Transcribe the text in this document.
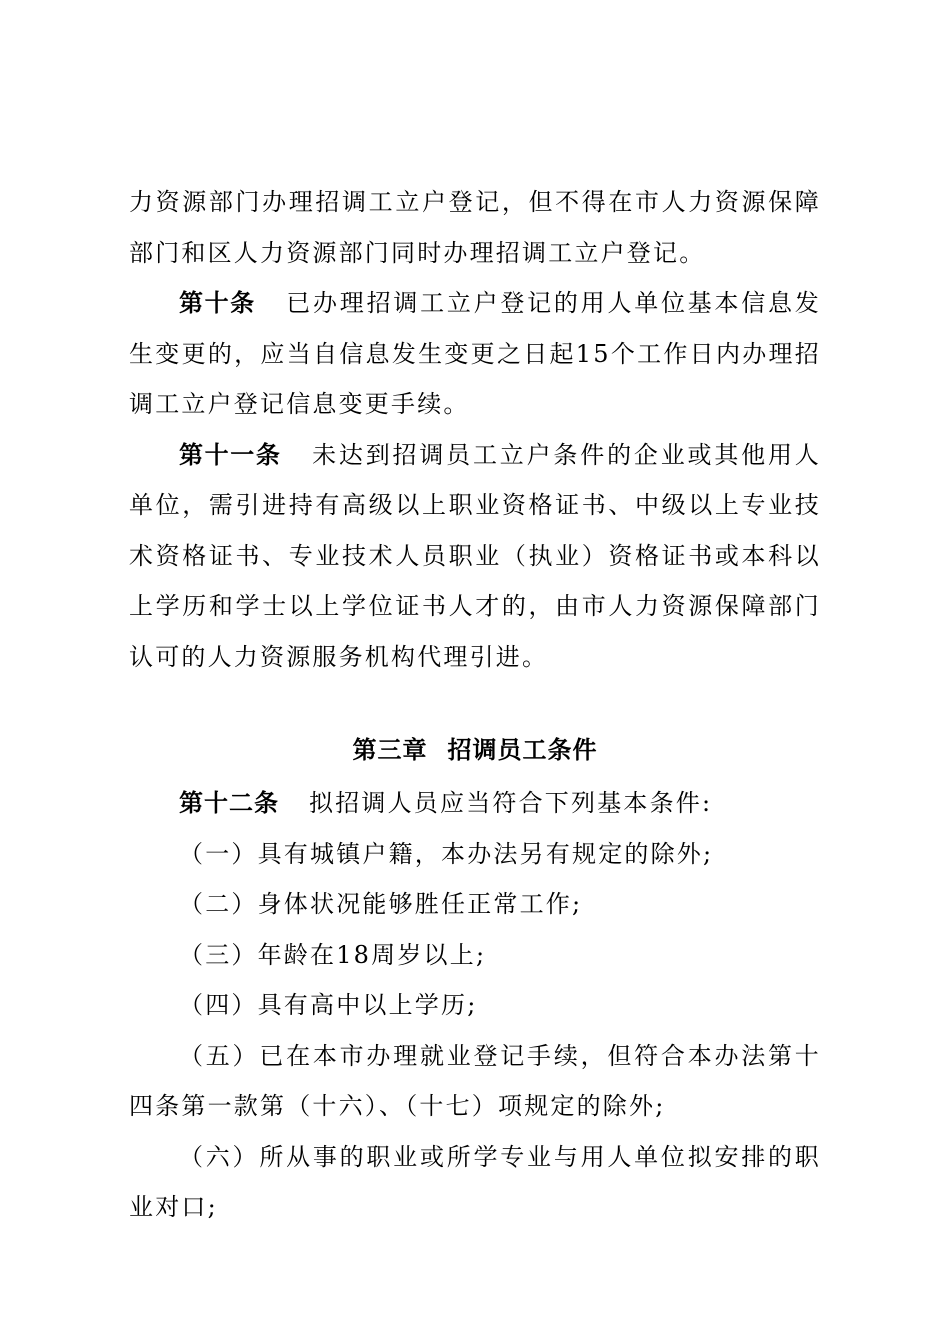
力资源部门办理招调工立户登记，但不得在市人力资源保障部门和区人力资源部门同时办理招调工立户登记。

第十条 已办理招调工立户登记的用人单位基本信息发生变更的，应当自信息发生变更之日起15个工作日内办理招调工立户登记信息变更手续。

第十一条 未达到招调员工立户条件的企业或其他用人单位，需引进持有高级以上职业资格证书、中级以上专业技术资格证书、专业技术人员职业（执业）资格证书或本科以上学历和学士以上学位证书人才的，由市人力资源保障部门认可的人力资源服务机构代理引进。

第三章 招调员工条件

第十二条 拟招调人员应当符合下列基本条件:

（一）具有城镇户籍，本办法另有规定的除外;

（二）身体状况能够胜任正常工作;

（三）年龄在18周岁以上;

（四）具有高中以上学历;

（五）已在本市办理就业登记手续，但符合本办法第十四条第一款第（十六）、（十七）项规定的除外;

（六）所从事的职业或所学专业与用人单位拟安排的职业对口;
